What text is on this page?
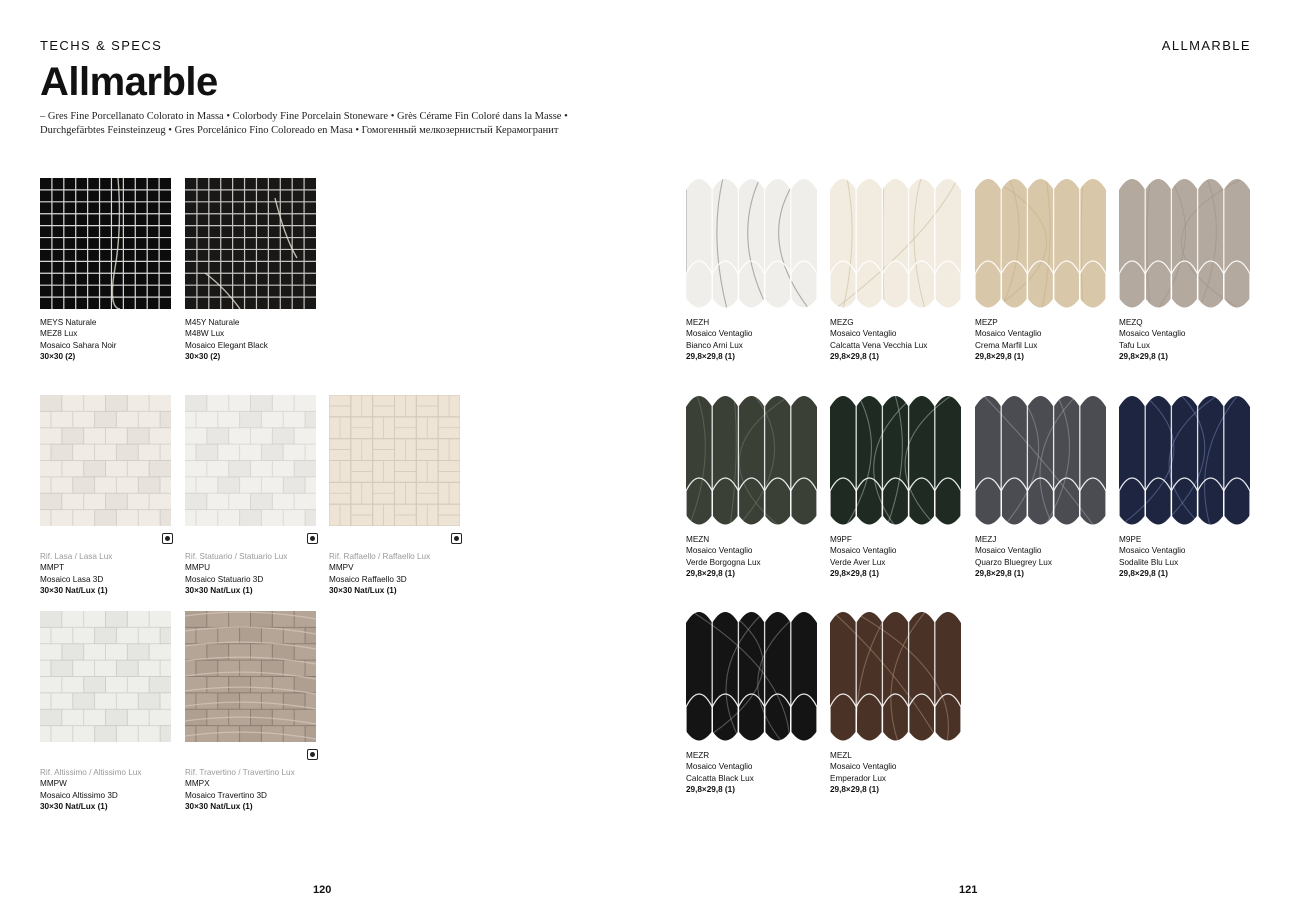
TECHS & SPECS	ALLMARBLE
Allmarble
– Gres Fine Porcellanato Colorato in Massa • Colorbody Fine Porcelain Stoneware • Grès Cérame Fin Coloré dans la Masse •
Durchgefärbtes Feinsteinzeug • Gres Porcelánico Fino Coloreado en Masa • Гомогенный мелкозернистый Керамогранит
MEYS Naturale
MEZ8 Lux
Mosaico Sahara Noir
30×30 (2)
M45Y Naturale
M48W Lux
Mosaico Elegant Black
30×30 (2)
Rif. Lasa / Lasa Lux
MMPT
Mosaico Lasa 3D
30×30 Nat/Lux (1)
Rif. Statuario / Statuario Lux
MMPU
Mosaico Statuario 3D
30×30 Nat/Lux (1)
Rif. Raffaello / Raffaello Lux
MMPV
Mosaico Raffaello 3D
30×30 Nat/Lux (1)
Rif. Altissimo / Altissimo Lux
MMPW
Mosaico Altissimo 3D
30×30 Nat/Lux (1)
Rif. Travertino / Travertino Lux
MMPX
Mosaico Travertino 3D
30×30 Nat/Lux (1)
MEZH
Mosaico Ventaglio
Bianco Arni Lux
29,8×29,8 (1)
MEZG
Mosaico Ventaglio
Calcatta Vena Vecchia Lux
29,8×29,8 (1)
MEZP
Mosaico Ventaglio
Crema Marfil Lux
29,8×29,8 (1)
MEZQ
Mosaico Ventaglio
Tafu Lux
29,8×29,8 (1)
MEZN
Mosaico Ventaglio
Verde Borgogna Lux
29,8×29,8 (1)
M9PF
Mosaico Ventaglio
Verde Aver Lux
29,8×29,8 (1)
MEZJ
Mosaico Ventaglio
Quarzo Bluegrey Lux
29,8×29,8 (1)
M9PE
Mosaico Ventaglio
Sodalite Blu Lux
29,8×29,8 (1)
MEZR
Mosaico Ventaglio
Calcatta Black Lux
29,8×29,8 (1)
MEZL
Mosaico Ventaglio
Emperador Lux
29,8×29,8 (1)
120	121
